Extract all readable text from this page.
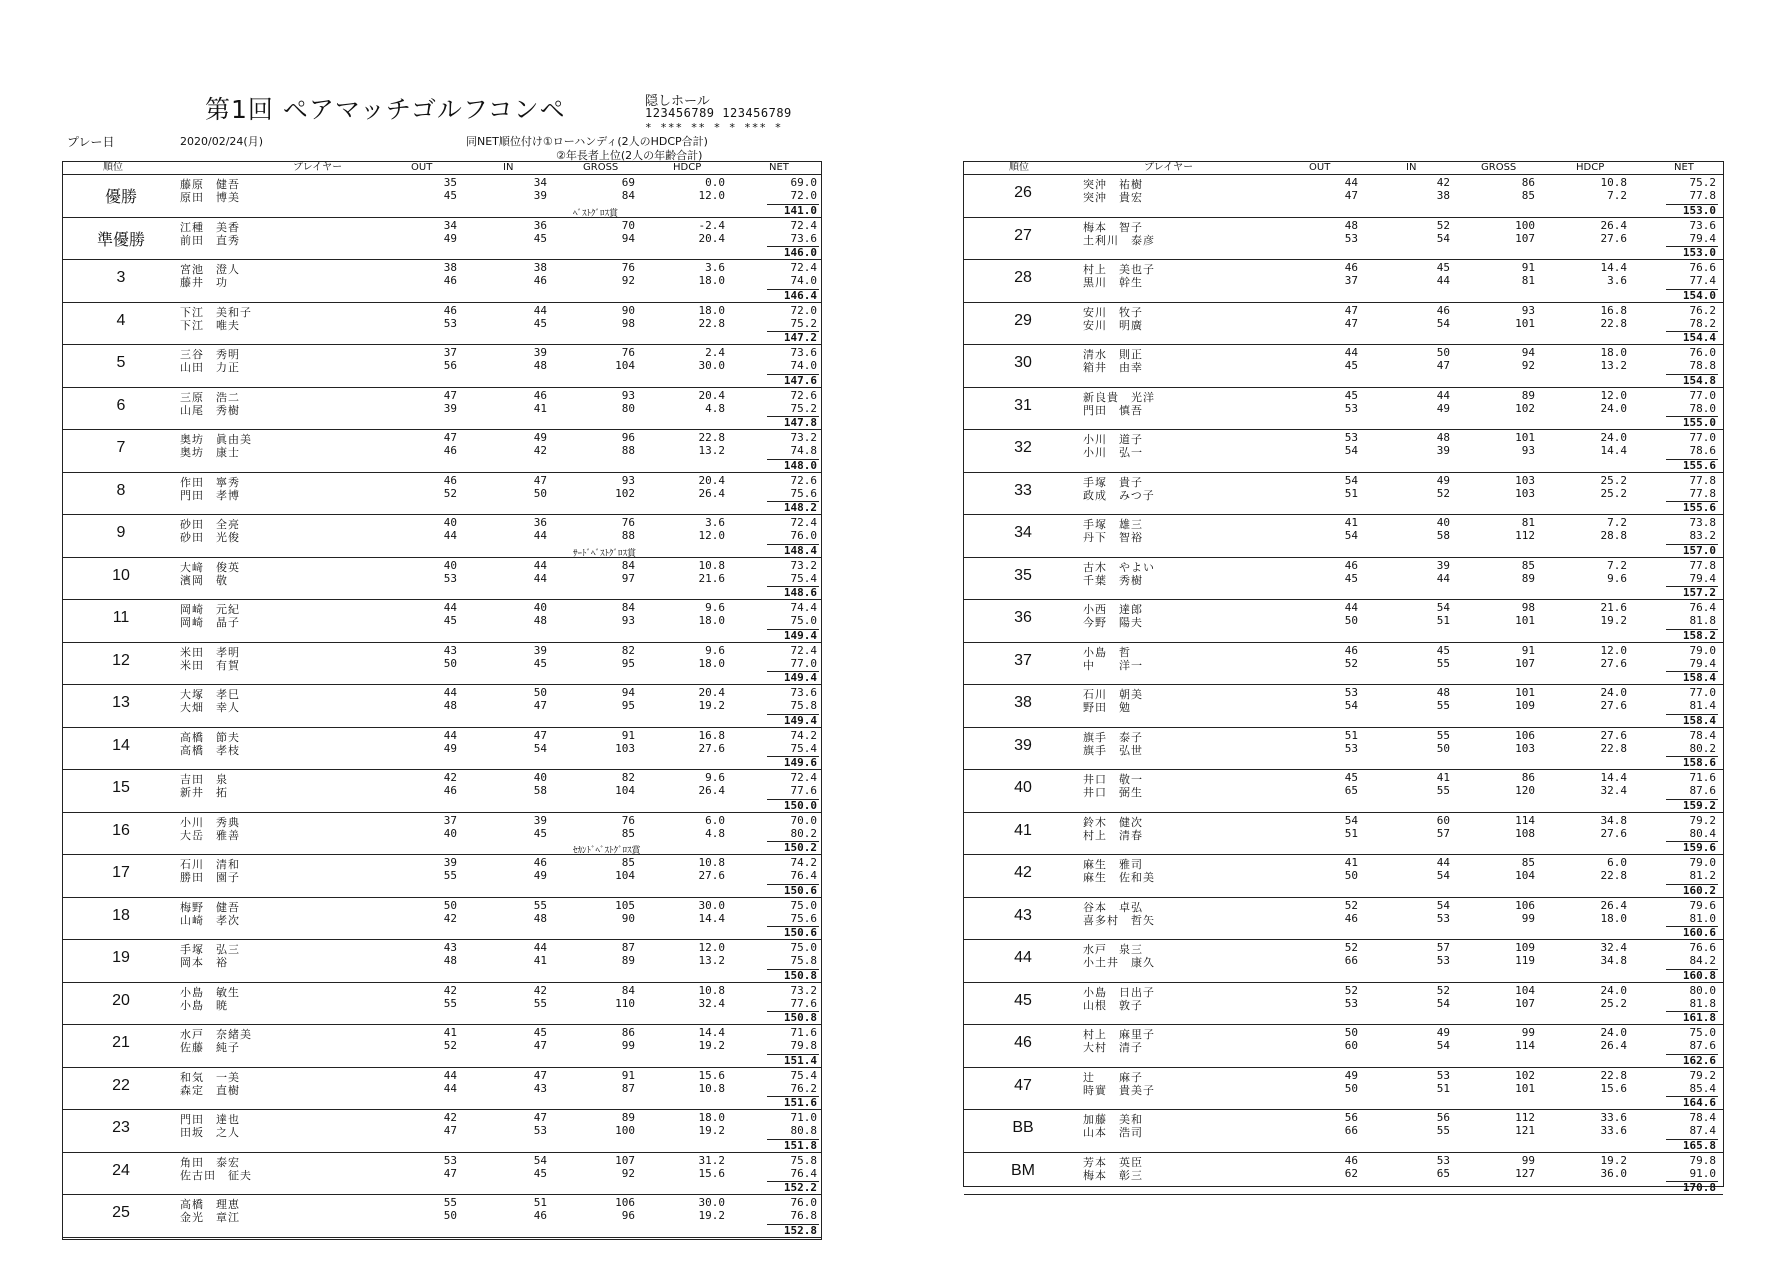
第1回 ペアマッチゴルフコンペ	隠しホール
123456789 123456789
* *** ** * * *** *
プレー日	2020/02/24(月)	同NET順位付け①ローハンディ(2人のHDCP合計)
②年長者上位(2人の年齢合計)
順位	プレイヤー	OUT	IN	GROSS	HDCP	NET
優勝
藤原　健吾	35	34	69	0.0	69.0
原田　博美	45	39	84	12.0	72.0
ﾍﾞｽﾄｸﾞﾛｽ賞	141.0
準優勝
江種　美香	34	36	70	-2.4	72.4
前田　直秀	49	45	94	20.4	73.6
146.0
3	宮池　澄人	38	38	76	3.6	72.4
藤井　功	46	46	92	18.0	74.0
146.4
4	下江　美和子	46	44	90	18.0	72.0
下江　唯夫	53	45	98	22.8	75.2
147.2
5	三谷　秀明	37	39	76	2.4	73.6
山田　力正	56	48	104	30.0	74.0
147.6
6	三原　浩二	47	46	93	20.4	72.6
山尾　秀樹	39	41	80	4.8	75.2
147.8
7	奥坊　眞由美	47	49	96	22.8	73.2
奥坊　康士	46	42	88	13.2	74.8
148.0
8	作田　寧秀	46	47	93	20.4	72.6
門田　孝博	52	50	102	26.4	75.6
148.2
9	砂田　全亮	40	36	76	3.6	72.4
砂田　光俊	44	44	88	12.0	76.0
ｻｰﾄﾞﾍﾞｽﾄｸﾞﾛｽ賞	148.4
10	大﨑　俊英	40	44	84	10.8	73.2
濱岡　敬	53	44	97	21.6	75.4
148.6
11	岡崎　元紀	44	40	84	9.6	74.4
岡崎　晶子	45	48	93	18.0	75.0
149.4
12	米田　孝明	43	39	82	9.6	72.4
米田　有賀	50	45	95	18.0	77.0
149.4
13	大塚　孝巳	44	50	94	20.4	73.6
大畑　幸人	48	47	95	19.2	75.8
149.4
14	高橋　節夫	44	47	91	16.8	74.2
高橋　孝枝	49	54	103	27.6	75.4
149.6
15	吉田　泉	42	40	82	9.6	72.4
新井　拓	46	58	104	26.4	77.6
150.0
16	小川　秀典	37	39	76	6.0	70.0
大岳　雅善	40	45	85	4.8	80.2
ｾｶﾝﾄﾞﾍﾞｽﾄｸﾞﾛｽ賞	150.2
17	石川　清和	39	46	85	10.8	74.2
勝田　園子	55	49	104	27.6	76.4
150.6
18	梅野　健吾	50	55	105	30.0	75.0
山崎　孝次	42	48	90	14.4	75.6
150.6
19	手塚　弘三	43	44	87	12.0	75.0
岡本　裕	48	41	89	13.2	75.8
150.8
20	小島　敏生	42	42	84	10.8	73.2
小島　暁	55	55	110	32.4	77.6
150.8
21	水戸　奈緒美	41	45	86	14.4	71.6
佐藤　純子	52	47	99	19.2	79.8
151.4
22	和気　一美	44	47	91	15.6	75.4
森定　直樹	44	43	87	10.8	76.2
151.6
23	門田　達也	42	47	89	18.0	71.0
田坂　之人	47	53	100	19.2	80.8
151.8
24	角田　泰宏	53	54	107	31.2	75.8
佐古田　征夫	47	45	92	15.6	76.4
152.2
25	高橋　理恵	55	51	106	30.0	76.0
金光　章江	50	46	96	19.2	76.8
152.8
順位	プレイヤー	OUT	IN	GROSS	HDCP	NET
26	突沖　祐樹	44	42	86	10.8	75.2
突沖　貴宏	47	38	85	7.2	77.8
153.0
27	梅本　智子	48	52	100	26.4	73.6
土利川　泰彦	53	54	107	27.6	79.4
153.0
28	村上　美也子	46	45	91	14.4	76.6
黒川　幹生	37	44	81	3.6	77.4
154.0
29	安川　牧子	47	46	93	16.8	76.2
安川　明廣	47	54	101	22.8	78.2
154.4
30	清水　則正	44	50	94	18.0	76.0
箱井　由幸	45	47	92	13.2	78.8
154.8
31	新良貴　光洋	45	44	89	12.0	77.0
門田　慎吾	53	49	102	24.0	78.0
155.0
32	小川　道子	53	48	101	24.0	77.0
小川　弘一	54	39	93	14.4	78.6
155.6
33	手塚　貴子	54	49	103	25.2	77.8
政成　みつ子	51	52	103	25.2	77.8
155.6
34	手塚　雄三	41	40	81	7.2	73.8
丹下　智裕	54	58	112	28.8	83.2
157.0
35	古木　やよい	46	39	85	7.2	77.8
千葉　秀樹	45	44	89	9.6	79.4
157.2
36	小西　達郎	44	54	98	21.6	76.4
今野　陽夫	50	51	101	19.2	81.8
158.2
37	小島　哲	46	45	91	12.0	79.0
中　　洋一	52	55	107	27.6	79.4
158.4
38	石川　朝美	53	48	101	24.0	77.0
野田　勉	54	55	109	27.6	81.4
158.4
39	旗手　泰子	51	55	106	27.6	78.4
旗手　弘世	53	50	103	22.8	80.2
158.6
40	井口　敬一	45	41	86	14.4	71.6
井口　弼生	65	55	120	32.4	87.6
159.2
41	鈴木　健次	54	60	114	34.8	79.2
村上　清春	51	57	108	27.6	80.4
159.6
42	麻生　雅司	41	44	85	6.0	79.0
麻生　佐和美	50	54	104	22.8	81.2
160.2
43	谷本　卓弘	52	54	106	26.4	79.6
喜多村　哲矢	46	53	99	18.0	81.0
160.6
44	水戸　泉三	52	57	109	32.4	76.6
小土井　康久	66	53	119	34.8	84.2
160.8
45	小島　日出子	52	52	104	24.0	80.0
山根　敦子	53	54	107	25.2	81.8
161.8
46	村上　麻里子	50	49	99	24.0	75.0
大村　清子	60	54	114	26.4	87.6
162.6
47	辻　　麻子	49	53	102	22.8	79.2
時實　貴美子	50	51	101	15.6	85.4
164.6
BB	加藤　美和	56	56	112	33.6	78.4
山本　浩司	66	55	121	33.6	87.4
165.8
BM	芳本　英臣	46	53	99	19.2	79.8
梅本　彰三	62	65	127	36.0	91.0
170.8
